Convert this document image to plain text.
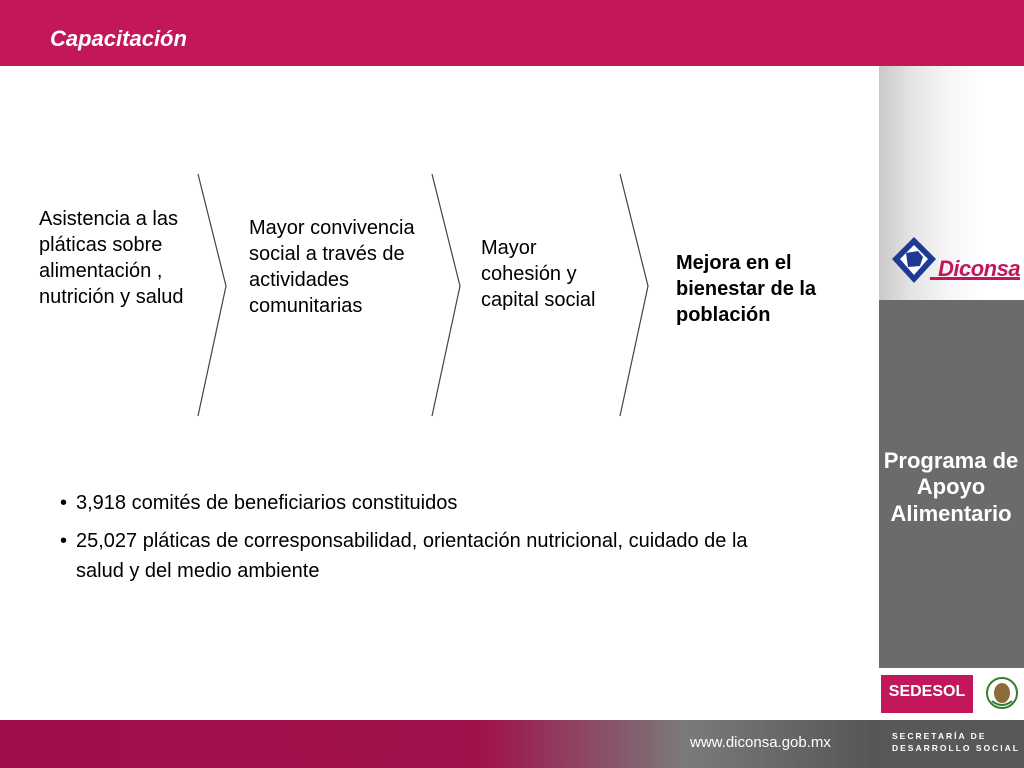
Capacitación
Diconsa
Programa de Apoyo Alimentario
SEDESOL
SECRETARÍA DE
DESARROLLO SOCIAL
www.diconsa.gob.mx
Asistencia a las pláticas sobre alimentación , nutrición y salud
Mayor convivencia social a través de actividades comunitarias
Mayor cohesión y capital social
Mejora en el bienestar de la población
• 3,918 comités de beneficiarios constituidos
• 25,027 pláticas de corresponsabilidad, orientación nutricional, cuidado de la salud y del medio ambiente
